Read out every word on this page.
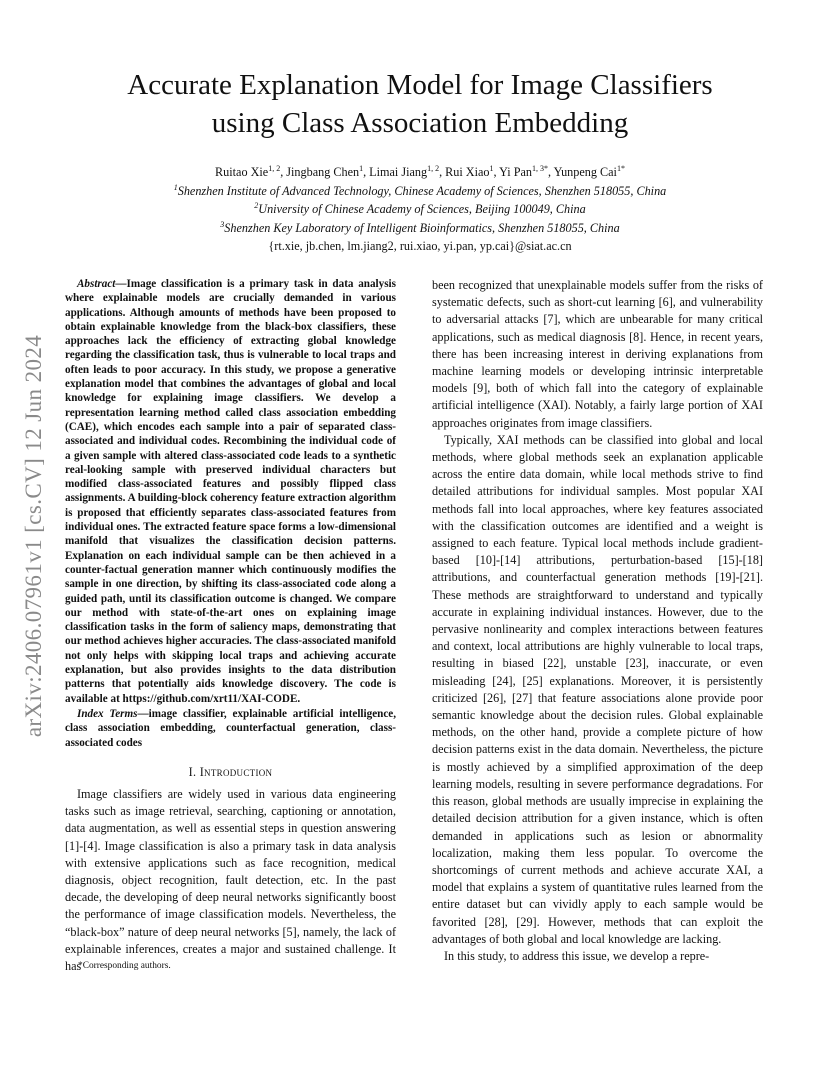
arXiv:2406.07961v1 [cs.CV] 12 Jun 2024
Accurate Explanation Model for Image Classifiers
using Class Association Embedding
Ruitao Xie$^{1, 2}$, Jingbang Chen$^1$, Limai Jiang$^{1, 2}$, Rui Xiao$^1$, Yi Pan$^{1, 3*}$, Yunpeng Cai$^{1*}$
$^1$Shenzhen Institute of Advanced Technology, Chinese Academy of Sciences, Shenzhen 518055, China
$^2$University of Chinese Academy of Sciences, Beijing 100049, China
$^3$Shenzhen Key Laboratory of Intelligent Bioinformatics, Shenzhen 518055, China
{rt.xie, jb.chen, lm.jiang2, rui.xiao, yi.pan, yp.cai}@siat.ac.cn

Abstract—Image classification is a primary task in data analysis where explainable models are crucially demanded in various applications. Although amounts of methods have been proposed to obtain explainable knowledge from the black-box classifiers, these approaches lack the efficiency of extracting global knowledge regarding the classification task, thus is vulnerable to local traps and often leads to poor accuracy. In this study, we propose a generative explanation model that combines the advantages of global and local knowledge for explaining image classifiers. We develop a representation learning method called class association embedding (CAE), which encodes each sample into a pair of separated class-associated and individual codes. Recombining the individual code of a given sample with altered class-associated code leads to a synthetic real-looking sample with preserved individual characters but modified class-associated features and possibly flipped class assignments. A building-block coherency feature extraction algorithm is proposed that efficiently separates class-associated features from individual ones. The extracted feature space forms a low-dimensional manifold that visualizes the classification decision patterns. Explanation on each individual sample can be then achieved in a counter-factual generation manner which continuously modifies the sample in one direction, by shifting its class-associated code along a guided path, until its classification outcome is changed. We compare our method with state-of-the-art ones on explaining image classification tasks in the form of saliency maps, demonstrating that our method achieves higher accuracies. The class-associated manifold not only helps with skipping local traps and achieving accurate explanation, but also provides insights to the data distribution patterns that potentially aids knowledge discovery. The code is available at https://github.com/xrt11/XAI-CODE.

Index Terms—image classifier, explainable artificial intelligence, class association embedding, counterfactual generation, class-associated codes

I. Introduction

Image classifiers are widely used in various data engineering tasks such as image retrieval, searching, captioning or annotation, data augmentation, as well as essential steps in question answering [1]-[4]. Image classification is also a primary task in data analysis with extensive applications such as face recognition, medical diagnosis, object recognition, fault detection, etc. In the past decade, the developing of deep neural networks significantly boost the performance of image classification models. Nevertheless, the “black-box” nature of deep neural networks [5], namely, the lack of explainable inferences, creates a major and sustained challenge. It has

been recognized that unexplainable models suffer from the risks of systematic defects, such as short-cut learning [6], and vulnerability to adversarial attacks [7], which are unbearable for many critical applications, such as medical diagnosis [8]. Hence, in recent years, there has been increasing interest in deriving explanations from machine learning models or developing intrinsic interpretable models [9], both of which fall into the category of explainable artificial intelligence (XAI). Notably, a fairly large portion of XAI approaches originates from image classifiers.

Typically, XAI methods can be classified into global and local methods, where global methods seek an explanation applicable across the entire data domain, while local methods strive to find detailed attributions for individual samples. Most popular XAI methods fall into local approaches, where key features associated with the classification outcomes are identified and a weight is assigned to each feature. Typical local methods include gradient-based [10]-[14] attributions, perturbation-based [15]-[18] attributions, and counterfactual generation methods [19]-[21]. These methods are straightforward to understand and typically accurate in explaining individual instances. However, due to the pervasive nonlinearity and complex interactions between features and context, local attributions are highly vulnerable to local traps, resulting in biased [22], unstable [23], inaccurate, or even misleading [24], [25] explanations. Moreover, it is persistently criticized [26], [27] that feature associations alone provide poor semantic knowledge about the decision rules. Global explainable methods, on the other hand, provide a complete picture of how decision patterns exist in the data domain. Nevertheless, the picture is mostly achieved by a simplified approximation of the deep learning models, resulting in severe performance degradations. For this reason, global methods are usually imprecise in explaining the detailed decision attribution for a given instance, which is often demanded in applications such as lesion or abnormality localization, making them less popular. To overcome the shortcomings of current methods and achieve accurate XAI, a model that explains a system of quantitative rules learned from the entire dataset but can vividly apply to each sample would be favorited [28], [29]. However, methods that can exploit the advantages of both global and local knowledge are lacking.

In this study, to address this issue, we develop a repre-

*Corresponding authors.
